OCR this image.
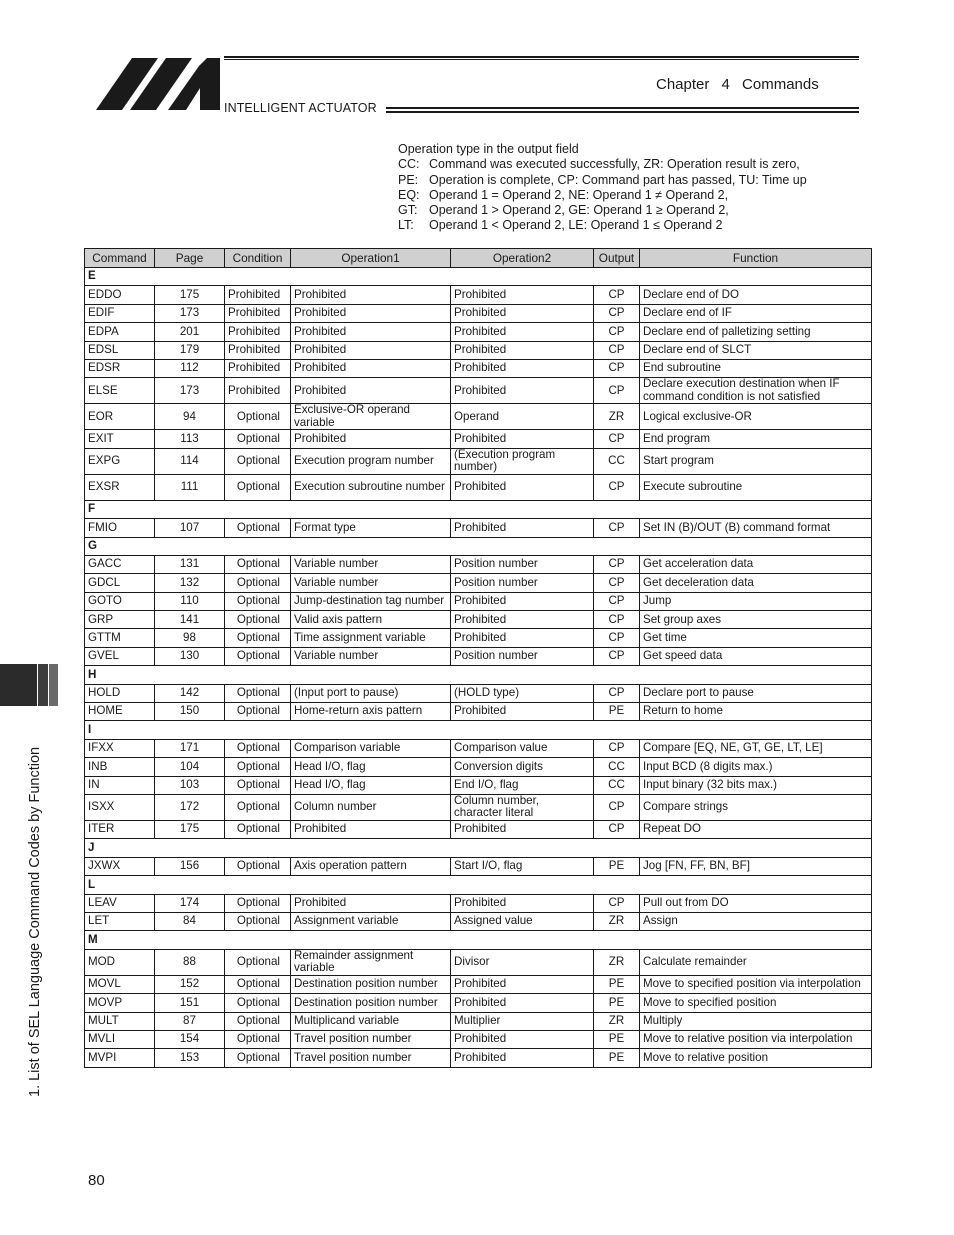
INTELLIGENT ACTUATOR
Chapter 4 Commands
Operation type in the output field
CC: Command was executed successfully, ZR: Operation result is zero,
PE: Operation is complete, CP: Command part has passed, TU: Time up
EQ: Operand 1 = Operand 2, NE: Operand 1 ≠ Operand 2,
GT: Operand 1 > Operand 2, GE: Operand 1 ≥ Operand 2,
LT: Operand 1 < Operand 2, LE: Operand 1 ≤ Operand 2
Command	Page	Condition	Operation1	Operation2	Output	Function
E						
EDDO	175	Prohibited	Prohibited	Prohibited	CP	Declare end of DO
EDIF	173	Prohibited	Prohibited	Prohibited	CP	Declare end of IF
EDPA	201	Prohibited	Prohibited	Prohibited	CP	Declare end of palletizing setting
EDSL	179	Prohibited	Prohibited	Prohibited	CP	Declare end of SLCT
EDSR	112	Prohibited	Prohibited	Prohibited	CP	End subroutine
ELSE	173	Prohibited	Prohibited	Prohibited	CP	Declare execution destination when IF command condition is not satisfied
EOR	94	Optional	Exclusive-OR operand variable	Operand	ZR	Logical exclusive-OR
EXIT	113	Optional	Prohibited	Prohibited	CP	End program
EXPG	114	Optional	Execution program number	(Execution program number)	CC	Start program
EXSR	111	Optional	Execution subroutine number	Prohibited	CP	Execute subroutine
F						
FMIO	107	Optional	Format type	Prohibited	CP	Set IN (B)/OUT (B) command format
G						
GACC	131	Optional	Variable number	Position number	CP	Get acceleration data
GDCL	132	Optional	Variable number	Position number	CP	Get deceleration data
GOTO	110	Optional	Jump-destination tag number	Prohibited	CP	Jump
GRP	141	Optional	Valid axis pattern	Prohibited	CP	Set group axes
GTTM	98	Optional	Time assignment variable	Prohibited	CP	Get time
GVEL	130	Optional	Variable number	Position number	CP	Get speed data
H						
HOLD	142	Optional	(Input port to pause)	(HOLD type)	CP	Declare port to pause
HOME	150	Optional	Home-return axis pattern	Prohibited	PE	Return to home
I						
IFXX	171	Optional	Comparison variable	Comparison value	CP	Compare [EQ, NE, GT, GE, LT, LE]
INB	104	Optional	Head I/O, flag	Conversion digits	CC	Input BCD (8 digits max.)
IN	103	Optional	Head I/O, flag	End I/O, flag	CC	Input binary (32 bits max.)
ISXX	172	Optional	Column number	Column number, character literal	CP	Compare strings
ITER	175	Optional	Prohibited	Prohibited	CP	Repeat DO
J						
JXWX	156	Optional	Axis operation pattern	Start I/O, flag	PE	Jog [FN, FF, BN, BF]
L						
LEAV	174	Optional	Prohibited	Prohibited	CP	Pull out from DO
LET	84	Optional	Assignment variable	Assigned value	ZR	Assign
M						
MOD	88	Optional	Remainder assignment variable	Divisor	ZR	Calculate remainder
MOVL	152	Optional	Destination position number	Prohibited	PE	Move to specified position via interpolation
MOVP	151	Optional	Destination position number	Prohibited	PE	Move to specified position
MULT	87	Optional	Multiplicand variable	Multiplier	ZR	Multiply
MVLI	154	Optional	Travel position number	Prohibited	PE	Move to relative position via interpolation
MVPI	153	Optional	Travel position number	Prohibited	PE	Move to relative position
1. List of SEL Language Command Codes by Function
80
